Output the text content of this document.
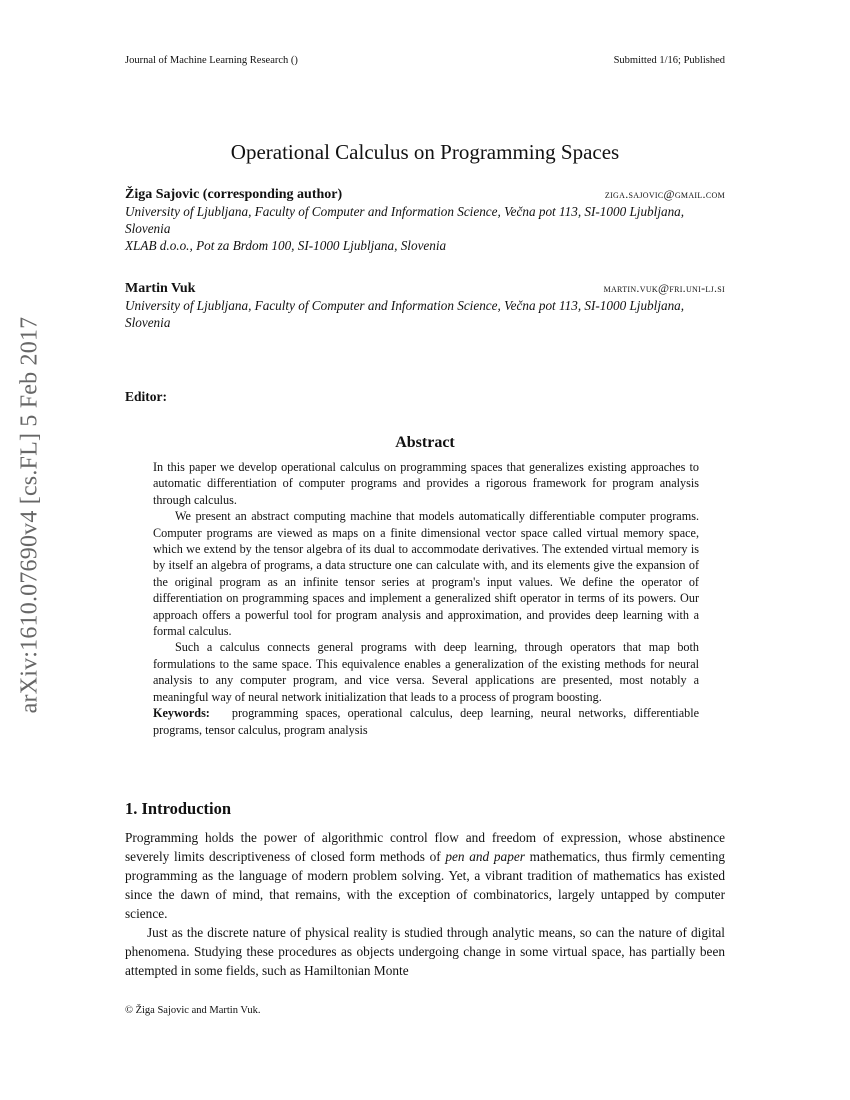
Journal of Machine Learning Research ()	Submitted 1/16; Published
arXiv:1610.07690v4 [cs.FL] 5 Feb 2017
Operational Calculus on Programming Spaces
Žiga Sajovic (corresponding author)	ziga.sajovic@gmail.com
University of Ljubljana, Faculty of Computer and Information Science, Večna pot 113, SI-1000 Ljubljana, Slovenia
XLAB d.o.o., Pot za Brdom 100, SI-1000 Ljubljana, Slovenia
Martin Vuk	martin.vuk@fri.uni-lj.si
University of Ljubljana, Faculty of Computer and Information Science, Večna pot 113, SI-1000 Ljubljana, Slovenia
Editor:
Abstract

In this paper we develop operational calculus on programming spaces that generalizes existing approaches to automatic differentiation of computer programs and provides a rigorous framework for program analysis through calculus.

We present an abstract computing machine that models automatically differentiable computer programs. Computer programs are viewed as maps on a finite dimensional vector space called virtual memory space, which we extend by the tensor algebra of its dual to accommodate derivatives. The extended virtual memory is by itself an algebra of programs, a data structure one can calculate with, and its elements give the expansion of the original program as an infinite tensor series at program's input values. We define the operator of differentiation on programming spaces and implement a generalized shift operator in terms of its powers. Our approach offers a powerful tool for program analysis and approximation, and provides deep learning with a formal calculus.

Such a calculus connects general programs with deep learning, through operators that map both formulations to the same space. This equivalence enables a generalization of the existing methods for neural analysis to any computer program, and vice versa. Several applications are presented, most notably a meaningful way of neural network initialization that leads to a process of program boosting.

Keywords: programming spaces, operational calculus, deep learning, neural networks, differentiable programs, tensor calculus, program analysis

1. Introduction

Programming holds the power of algorithmic control flow and freedom of expression, whose abstinence severely limits descriptiveness of closed form methods of pen and paper mathematics, thus firmly cementing programming as the language of modern problem solving. Yet, a vibrant tradition of mathematics has existed since the dawn of mind, that remains, with the exception of combinatorics, largely untapped by computer science.

Just as the discrete nature of physical reality is studied through analytic means, so can the nature of digital phenomena. Studying these procedures as objects undergoing change in some virtual space, has partially been attempted in some fields, such as Hamiltonian Monte

© Žiga Sajovic and Martin Vuk.
